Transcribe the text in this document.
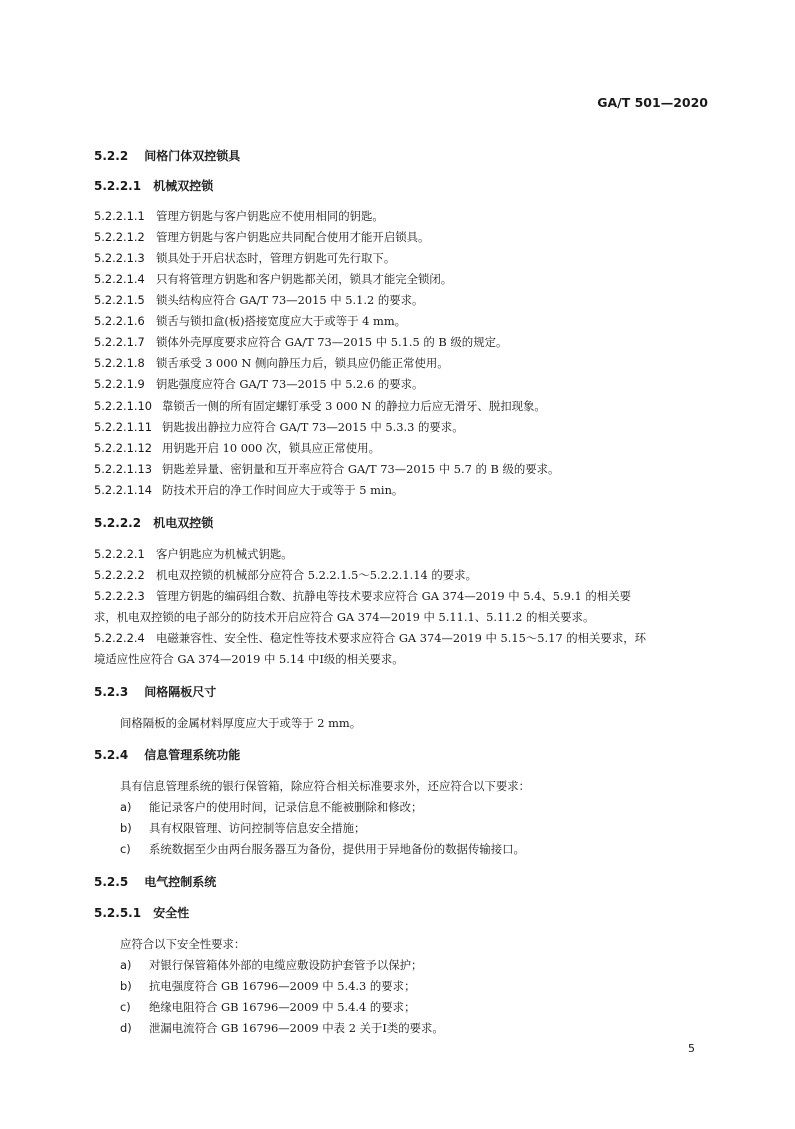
GA/T 501—2020
5.2.2 间格门体双控锁具
5.2.2.1 机械双控锁
5.2.2.1.1 管理方钥匙与客户钥匙应不使用相同的钥匙。
5.2.2.1.2 管理方钥匙与客户钥匙应共同配合使用才能开启锁具。
5.2.2.1.3 锁具处于开启状态时，管理方钥匙可先行取下。
5.2.2.1.4 只有将管理方钥匙和客户钥匙都关闭，锁具才能完全锁闭。
5.2.2.1.5 锁头结构应符合 GA/T 73—2015 中 5.1.2 的要求。
5.2.2.1.6 锁舌与锁扣盒(板)搭接宽度应大于或等于 4 mm。
5.2.2.1.7 锁体外壳厚度要求应符合 GA/T 73—2015 中 5.1.5 的 B 级的规定。
5.2.2.1.8 锁舌承受 3 000 N 侧向静压力后，锁具应仍能正常使用。
5.2.2.1.9 钥匙强度应符合 GA/T 73—2015 中 5.2.6 的要求。
5.2.2.1.10 靠锁舌一侧的所有固定螺钉承受 3 000 N 的静拉力后应无滑牙、脱扣现象。
5.2.2.1.11 钥匙拔出静拉力应符合 GA/T 73—2015 中 5.3.3 的要求。
5.2.2.1.12 用钥匙开启 10 000 次，锁具应正常使用。
5.2.2.1.13 钥匙差异量、密钥量和互开率应符合 GA/T 73—2015 中 5.7 的 B 级的要求。
5.2.2.1.14 防技术开启的净工作时间应大于或等于 5 min。
5.2.2.2 机电双控锁
5.2.2.2.1 客户钥匙应为机械式钥匙。
5.2.2.2.2 机电双控锁的机械部分应符合 5.2.2.1.5～5.2.2.1.14 的要求。
5.2.2.2.3 管理方钥匙的编码组合数、抗静电等技术要求应符合 GA 374—2019 中 5.4、5.9.1 的相关要
求，机电双控锁的电子部分的防技术开启应符合 GA 374—2019 中 5.11.1、5.11.2 的相关要求。
5.2.2.2.4 电磁兼容性、安全性、稳定性等技术要求应符合 GA 374—2019 中 5.15～5.17 的相关要求，环
境适应性应符合 GA 374—2019 中 5.14 中Ⅰ级的相关要求。
5.2.3 间格隔板尺寸
间格隔板的金属材料厚度应大于或等于 2 mm。
5.2.4 信息管理系统功能
具有信息管理系统的银行保管箱，除应符合相关标准要求外，还应符合以下要求：
a) 能记录客户的使用时间，记录信息不能被删除和修改；
b) 具有权限管理、访问控制等信息安全措施；
c) 系统数据至少由两台服务器互为备份，提供用于异地备份的数据传输接口。
5.2.5 电气控制系统
5.2.5.1 安全性
应符合以下安全性要求：
a) 对银行保管箱体外部的电缆应敷设防护套管予以保护；
b) 抗电强度符合 GB 16796—2009 中 5.4.3 的要求；
c) 绝缘电阻符合 GB 16796—2009 中 5.4.4 的要求；
d) 泄漏电流符合 GB 16796—2009 中表 2 关于Ⅰ类的要求。
5
